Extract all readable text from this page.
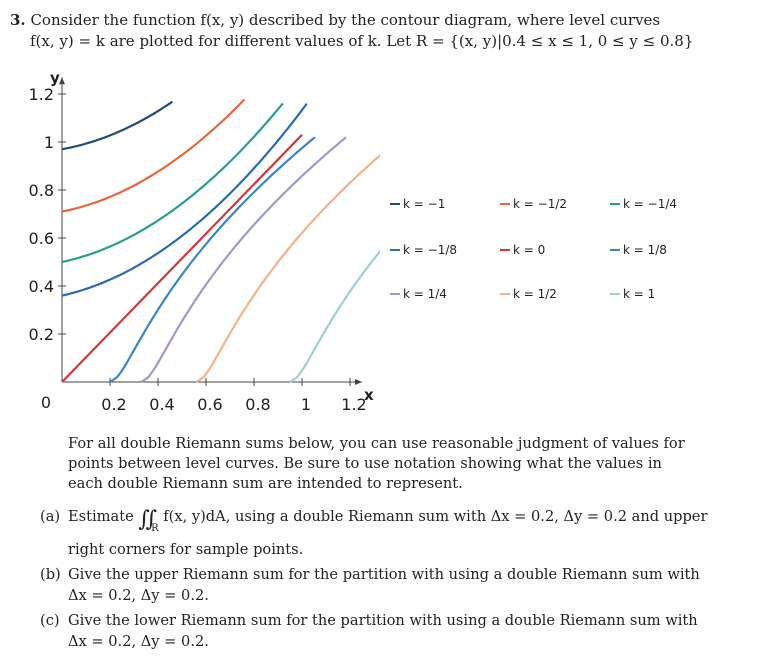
3. Consider the function f(x, y) described by the contour diagram, where level curves
f(x, y) = k are plotted for different values of k. Let R = {(x, y)|0.4 ≤ x ≤ 1, 0 ≤ y ≤ 0.8}
0.2
0.2
0.4
0.4
0.6
0.6
0.8
0.8
1
1
1.2
1.2
0	x
y
k = −1	k = −1/2	k = −1/4
k = −1/8	k = 0	k = 1/8
k = 1/4	k = 1/2	k = 1
For all double Riemann sums below, you can use reasonable judgment of values for points between level curves. Be sure to use notation showing what the values in each double Riemann sum are intended to represent.
(a) Estimate $∬_R$ f(x, y)dA, using a double Riemann sum with Δx = 0.2, Δy = 0.2 and upper right corners for sample points.
(b) Give the upper Riemann sum for the partition with using a double Riemann sum with Δx = 0.2, Δy = 0.2.
(c) Give the lower Riemann sum for the partition with using a double Riemann sum with Δx = 0.2, Δy = 0.2.
